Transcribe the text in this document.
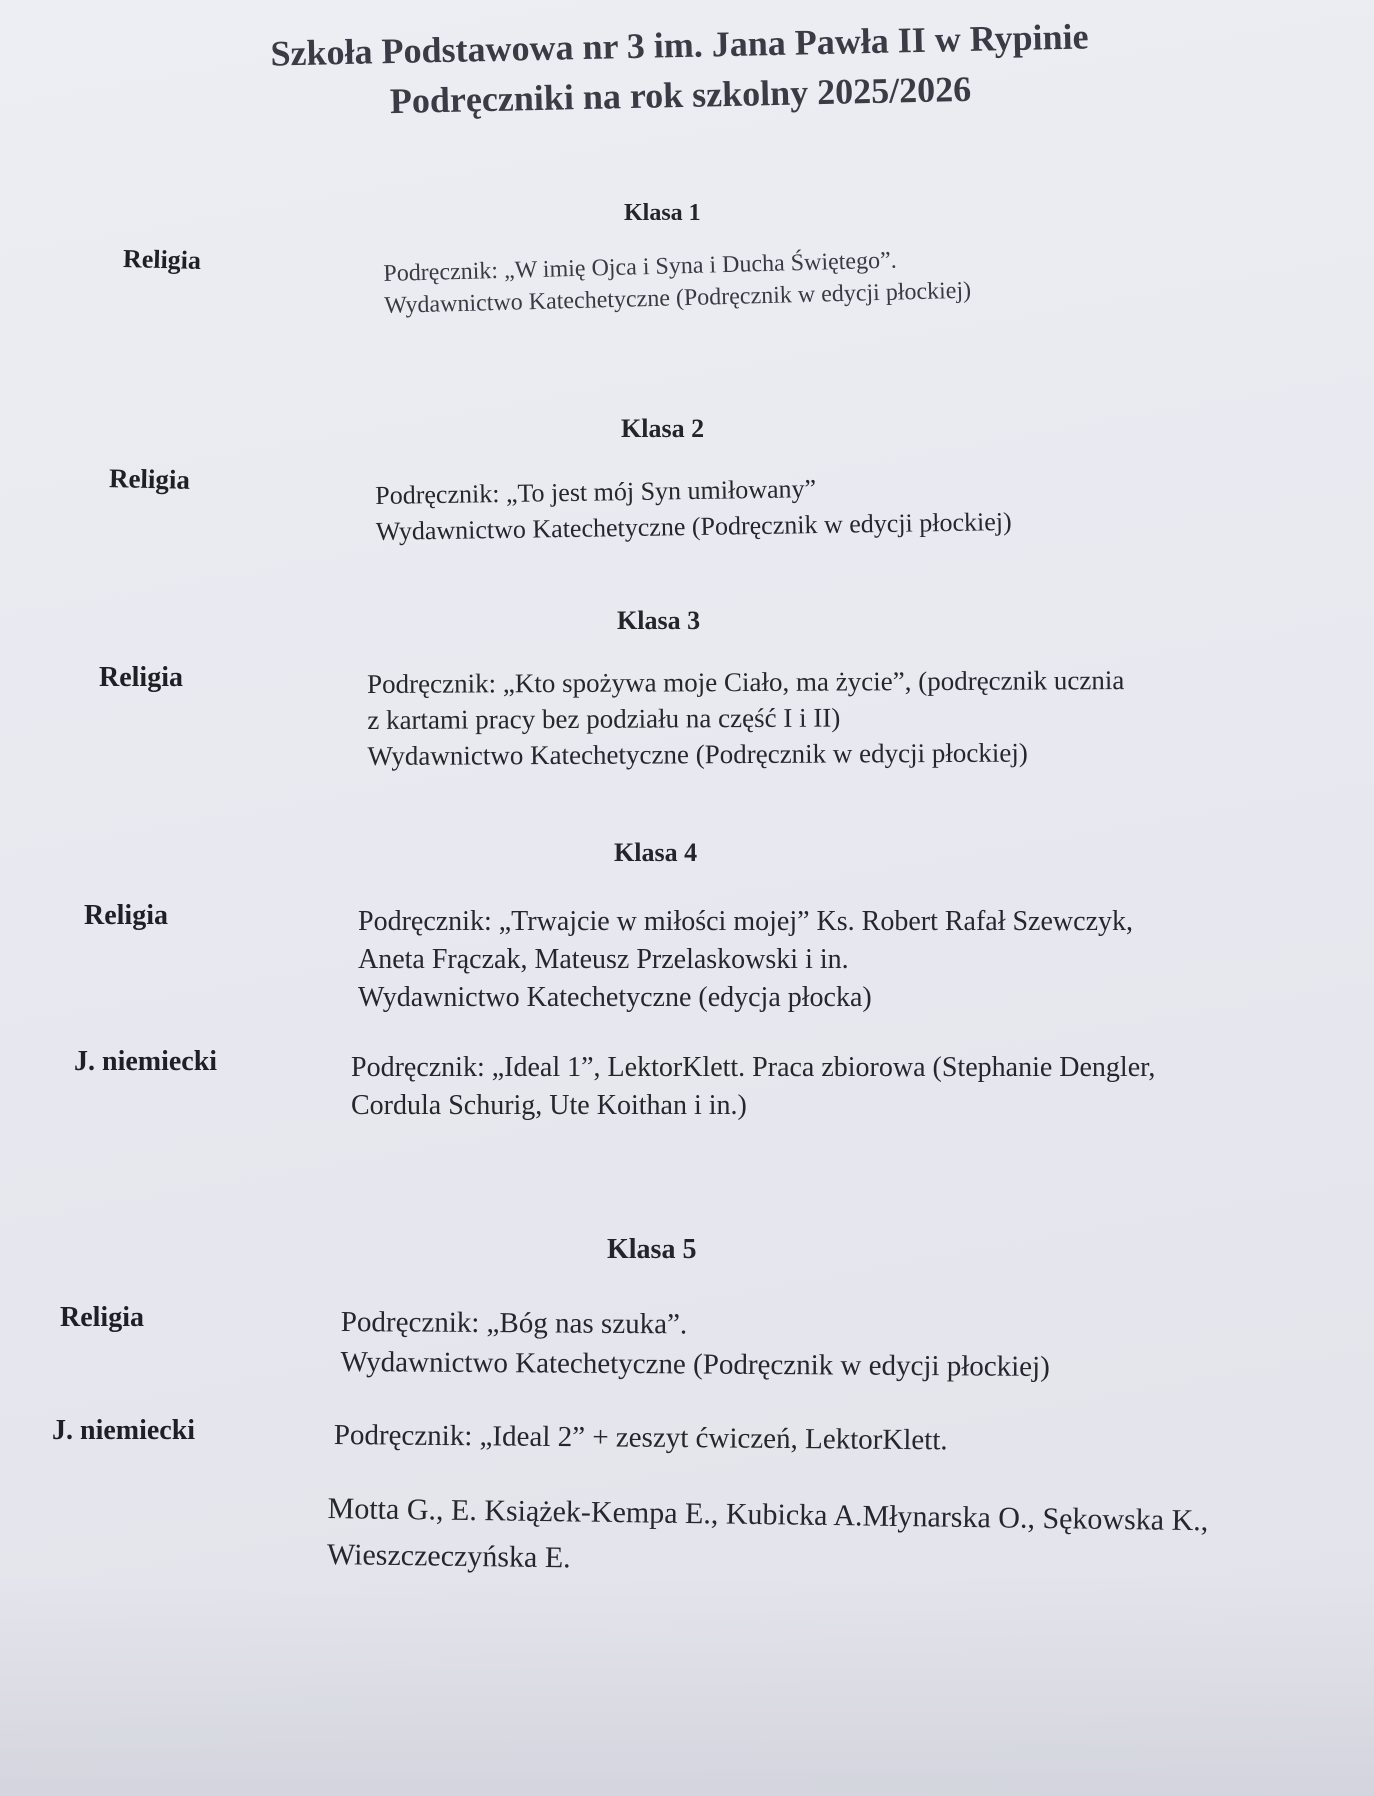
Szkoła Podstawowa nr 3 im. Jana Pawła II w Rypinie
Podręczniki na rok szkolny 2025/2026
Klasa 1
Religia	Podręcznik: „W imię Ojca i Syna i Ducha Świętego”.
Wydawnictwo Katechetyczne (Podręcznik w edycji płockiej)
Klasa 2
Religia	Podręcznik: „To jest mój Syn umiłowany”
Wydawnictwo Katechetyczne (Podręcznik w edycji płockiej)
Klasa 3
Religia	Podręcznik: „Kto spożywa moje Ciało, ma życie”, (podręcznik ucznia
z kartami pracy bez podziału na część I i II)
Wydawnictwo Katechetyczne (Podręcznik w edycji płockiej)
Klasa 4
Religia	Podręcznik: „Trwajcie w miłości mojej” Ks. Robert Rafał Szewczyk,
Aneta Frączak, Mateusz Przelaskowski i in.
Wydawnictwo Katechetyczne (edycja płocka)
J. niemiecki	Podręcznik: „Ideal 1”, LektorKlett. Praca zbiorowa (Stephanie Dengler,
Cordula Schurig, Ute Koithan i in.)
Klasa 5
Religia	Podręcznik: „Bóg nas szuka”.
Wydawnictwo Katechetyczne (Podręcznik w edycji płockiej)
J. niemiecki	Podręcznik: „Ideal 2” + zeszyt ćwiczeń, LektorKlett.
Motta G., E. Książek-Kempa E., Kubicka A.Młynarska O., Sękowska K.,
Wieszczeczyńska E.
